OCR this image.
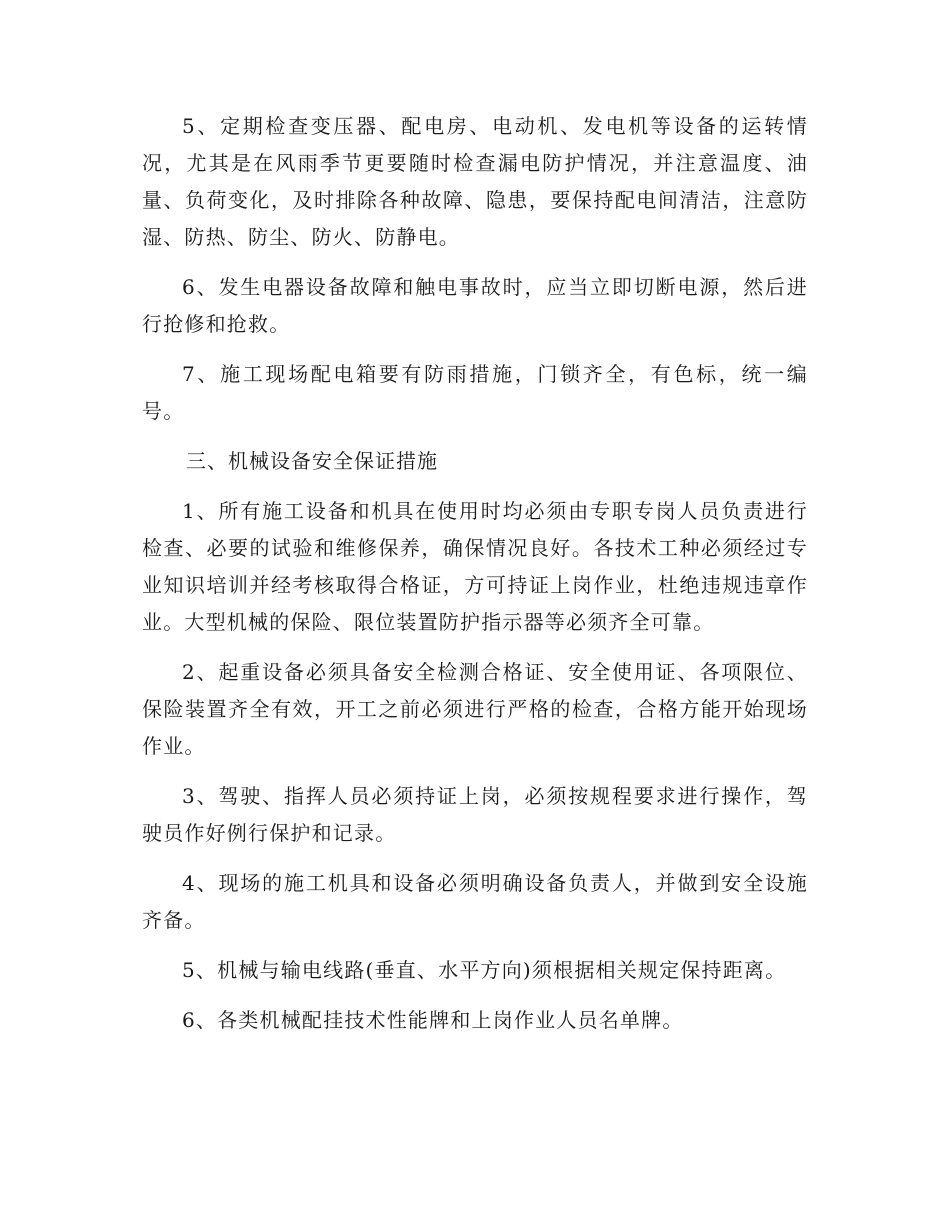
5、定期检查变压器、配电房、电动机、发电机等设备的运转情况，尤其是在风雨季节更要随时检查漏电防护情况，并注意温度、油量、负荷变化，及时排除各种故障、隐患，要保持配电间清洁，注意防湿、防热、防尘、防火、防静电。

6、发生电器设备故障和触电事故时，应当立即切断电源，然后进行抢修和抢救。

7、施工现场配电箱要有防雨措施，门锁齐全，有色标，统一编号。

三、机械设备安全保证措施

1、所有施工设备和机具在使用时均必须由专职专岗人员负责进行检查、必要的试验和维修保养，确保情况良好。各技术工种必须经过专业知识培训并经考核取得合格证，方可持证上岗作业，杜绝违规违章作业。大型机械的保险、限位装置防护指示器等必须齐全可靠。

2、起重设备必须具备安全检测合格证、安全使用证、各项限位、保险装置齐全有效，开工之前必须进行严格的检查，合格方能开始现场作业。

3、驾驶、指挥人员必须持证上岗，必须按规程要求进行操作，驾驶员作好例行保护和记录。

4、现场的施工机具和设备必须明确设备负责人，并做到安全设施齐备。

5、机械与输电线路(垂直、水平方向)须根据相关规定保持距离。

6、各类机械配挂技术性能牌和上岗作业人员名单牌。
